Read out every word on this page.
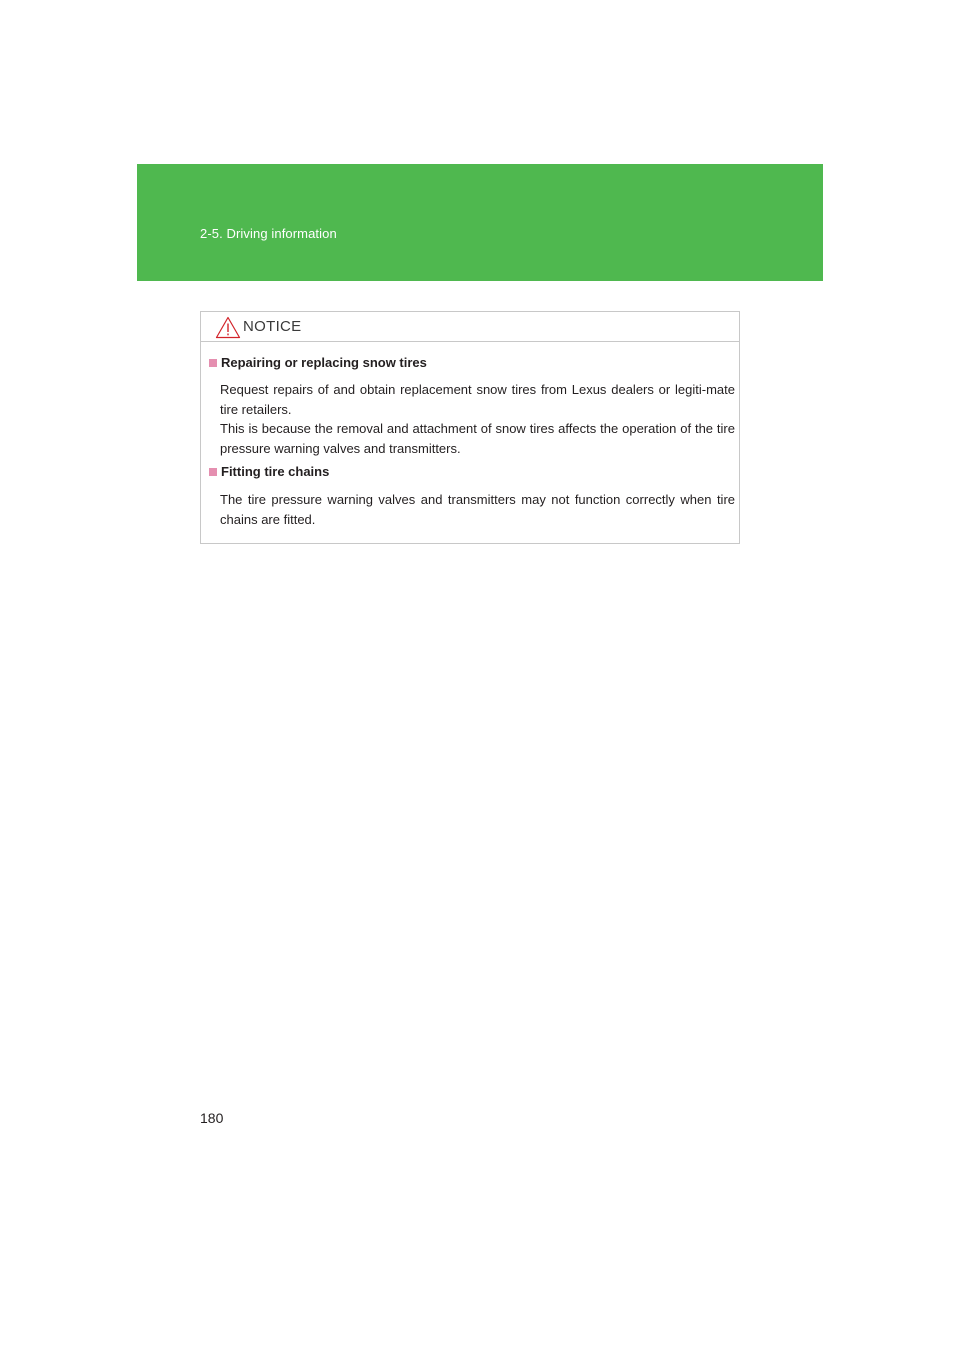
2-5. Driving information
NOTICE
Repairing or replacing snow tires

Request repairs of and obtain replacement snow tires from Lexus dealers or legiti-mate tire retailers.

This is because the removal and attachment of snow tires affects the operation of the tire pressure warning valves and transmitters.

Fitting tire chains

The tire pressure warning valves and transmitters may not function correctly when tire chains are fitted.

180
